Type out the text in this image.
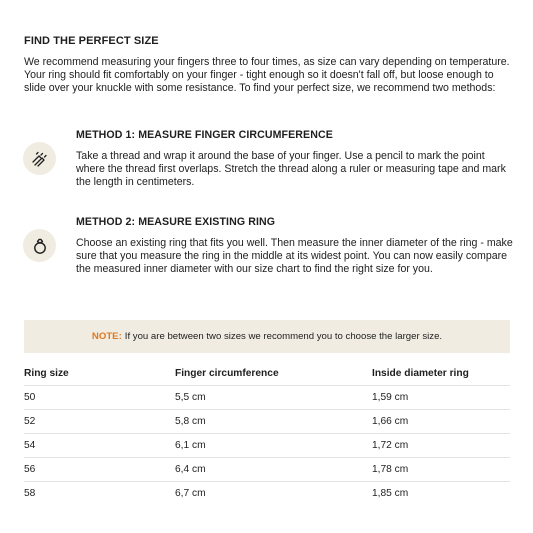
FIND THE PERFECT SIZE
We recommend measuring your fingers three to four times, as size can vary depending on temperature. Your ring should fit comfortably on your finger - tight enough so it doesn't fall off, but loose enough to slide over your knuckle with some resistance. To find your perfect size, we recommend two methods:
METHOD 1: MEASURE FINGER CIRCUMFERENCE
Take a thread and wrap it around the base of your finger. Use a pencil to mark the point where the thread first overlaps. Stretch the thread along a ruler or measuring tape and mark the length in centimeters.
METHOD 2: MEASURE EXISTING RING
Choose an existing ring that fits you well. Then measure the inner diameter of the ring - make sure that you measure the ring in the middle at its widest point. You can now easily compare the measured inner diameter with our size chart to find the right size for you.
NOTE: If you are between two sizes we recommend you to choose the larger size.
Ring size	Finger circumference	Inside diameter ring
50	5,5 cm	1,59 cm
52	5,8 cm	1,66 cm
54	6,1 cm	1,72 cm
56	6,4 cm	1,78 cm
58	6,7 cm	1,85 cm
